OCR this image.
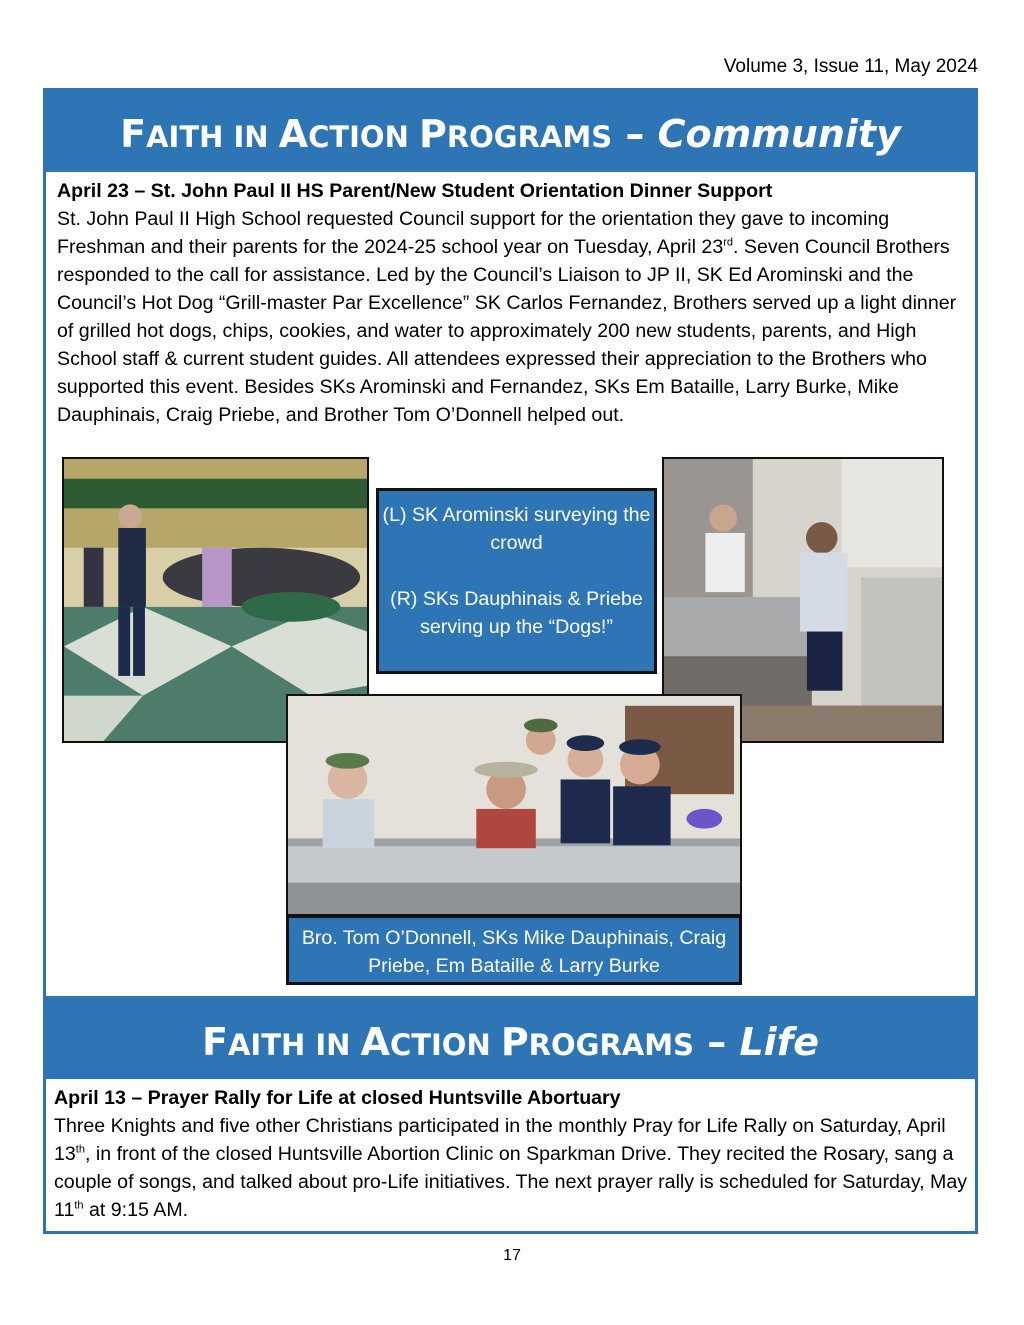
Volume 3, Issue 11, May 2024
FAITH IN ACTION PROGRAMS – Community
April 23 – St. John Paul II HS Parent/New Student Orientation Dinner Support

St. John Paul II High School requested Council support for the orientation they gave to incoming Freshman and their parents for the 2024-25 school year on Tuesday, April 23rd. Seven Council Brothers responded to the call for assistance. Led by the Council’s Liaison to JP II, SK Ed Arominski and the Council’s Hot Dog “Grill-master Par Excellence” SK Carlos Fernandez, Brothers served up a light dinner of grilled hot dogs, chips, cookies, and water to approximately 200 new students, parents, and High School staff & current student guides. All attendees expressed their appreciation to the Brothers who supported this event. Besides SKs Arominski and Fernandez, SKs Em Bataille, Larry Burke, Mike Dauphinais, Craig Priebe, and Brother Tom O’Donnell helped out.

(L) SK Arominski surveying the crowd
(R) SKs Dauphinais & Priebe serving up the “Dogs!”
Bro. Tom O’Donnell, SKs Mike Dauphinais, Craig Priebe, Em Bataille & Larry Burke
FAITH IN ACTION PROGRAMS – Life
April 13 – Prayer Rally for Life at closed Huntsville Abortuary

Three Knights and five other Christians participated in the monthly Pray for Life Rally on Saturday, April 13th, in front of the closed Huntsville Abortion Clinic on Sparkman Drive. They recited the Rosary, sang a couple of songs, and talked about pro-Life initiatives. The next prayer rally is scheduled for Saturday, May 11th at 9:15 AM.

17
